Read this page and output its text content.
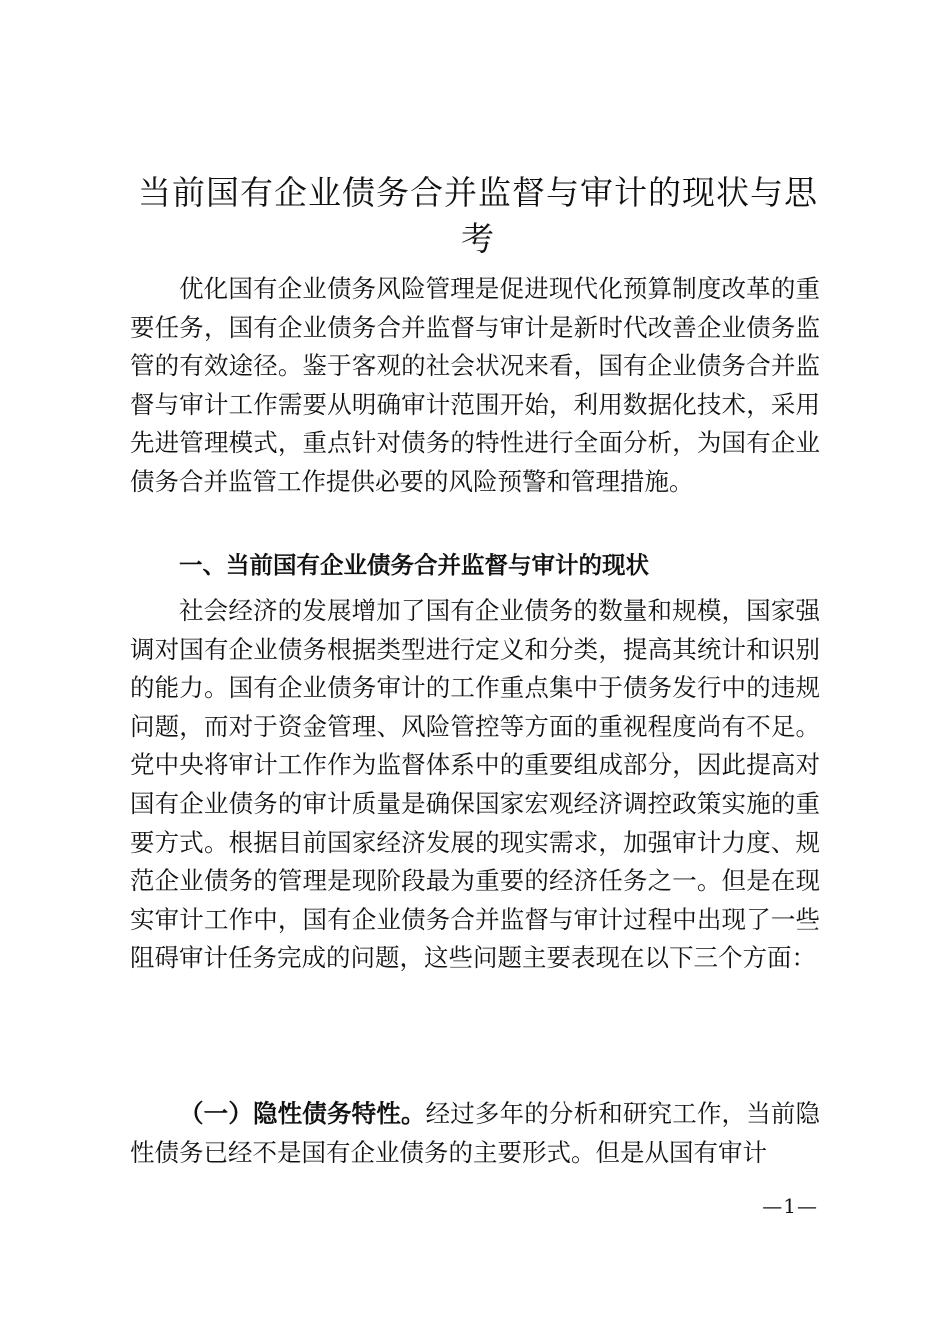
当前国有企业债务合并监督与审计的现状与思考

优化国有企业债务风险管理是促进现代化预算制度改革的重要任务，国有企业债务合并监督与审计是新时代改善企业债务监管的有效途径。鉴于客观的社会状况来看，国有企业债务合并监督与审计工作需要从明确审计范围开始，利用数据化技术，采用先进管理模式，重点针对债务的特性进行全面分析，为国有企业债务合并监管工作提供必要的风险预警和管理措施。

一、当前国有企业债务合并监督与审计的现状

社会经济的发展增加了国有企业债务的数量和规模，国家强调对国有企业债务根据类型进行定义和分类，提高其统计和识别的能力。国有企业债务审计的工作重点集中于债务发行中的违规问题，而对于资金管理、风险管控等方面的重视程度尚有不足。党中央将审计工作作为监督体系中的重要组成部分，因此提高对国有企业债务的审计质量是确保国家宏观经济调控政策实施的重要方式。根据目前国家经济发展的现实需求，加强审计力度、规范企业债务的管理是现阶段最为重要的经济任务之一。但是在现实审计工作中，国有企业债务合并监督与审计过程中出现了一些阻碍审计任务完成的问题，这些问题主要表现在以下三个方面：

（一）隐性债务特性。经过多年的分析和研究工作，当前隐性债务已经不是国有企业债务的主要形式。但是从国有审计

—1—
